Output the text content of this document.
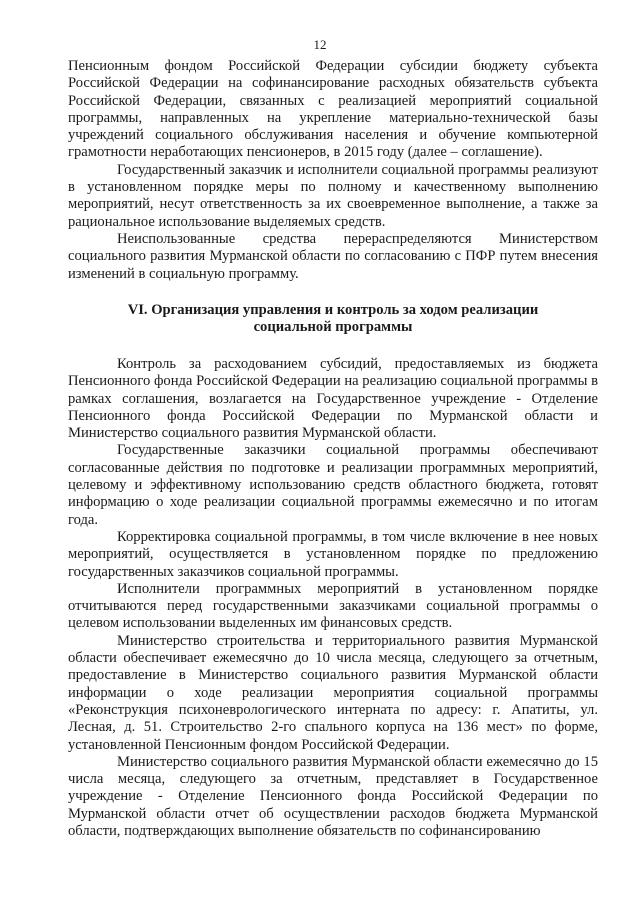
12

Пенсионным фондом Российской Федерации субсидии бюджету субъекта Российской Федерации на софинансирование расходных обязательств субъекта Российской Федерации, связанных с реализацией мероприятий социальной программы, направленных на укрепление материально-технической базы учреждений социального обслуживания населения и обучение компьютерной грамотности неработающих пенсионеров, в 2015 году (далее – соглашение).

Государственный заказчик и исполнители социальной программы реализуют в установленном порядке меры по полному и качественному выполнению мероприятий, несут ответственность за их своевременное выполнение, а также за рациональное использование выделяемых средств.

Неиспользованные средства перераспределяются Министерством социального развития Мурманской области по согласованию с ПФР путем внесения изменений в социальную программу.

VI. Организация управления и контроль за ходом реализации

социальной программы

Контроль за расходованием субсидий, предоставляемых из бюджета Пенсионного фонда Российской Федерации на реализацию социальной программы в рамках соглашения, возлагается на Государственное учреждение - Отделение Пенсионного фонда Российской Федерации по Мурманской области и Министерство социального развития Мурманской области.

Государственные заказчики социальной программы обеспечивают согласованные действия по подготовке и реализации программных мероприятий, целевому и эффективному использованию средств областного бюджета, готовят информацию о ходе реализации социальной программы ежемесячно и по итогам года.

Корректировка социальной программы, в том числе включение в нее новых мероприятий, осуществляется в установленном порядке по предложению государственных заказчиков социальной программы.

Исполнители программных мероприятий в установленном порядке отчитываются перед государственными заказчиками социальной программы о целевом использовании выделенных им финансовых средств.

Министерство строительства и территориального развития Мурманской области обеспечивает ежемесячно до 10 числа месяца, следующего за отчетным, предоставление в Министерство социального развития Мурманской области информации о ходе реализации мероприятия социальной программы «Реконструкция психоневрологического интерната по адресу: г. Апатиты, ул. Лесная, д. 51. Строительство 2-го спального корпуса на 136 мест» по форме, установленной Пенсионным фондом Российской Федерации.

Министерство социального развития Мурманской области ежемесячно до 15 числа месяца, следующего за отчетным, представляет в Государственное учреждение - Отделение Пенсионного фонда Российской Федерации по Мурманской области отчет об осуществлении расходов бюджета Мурманской области, подтверждающих выполнение обязательств по софинансированию
